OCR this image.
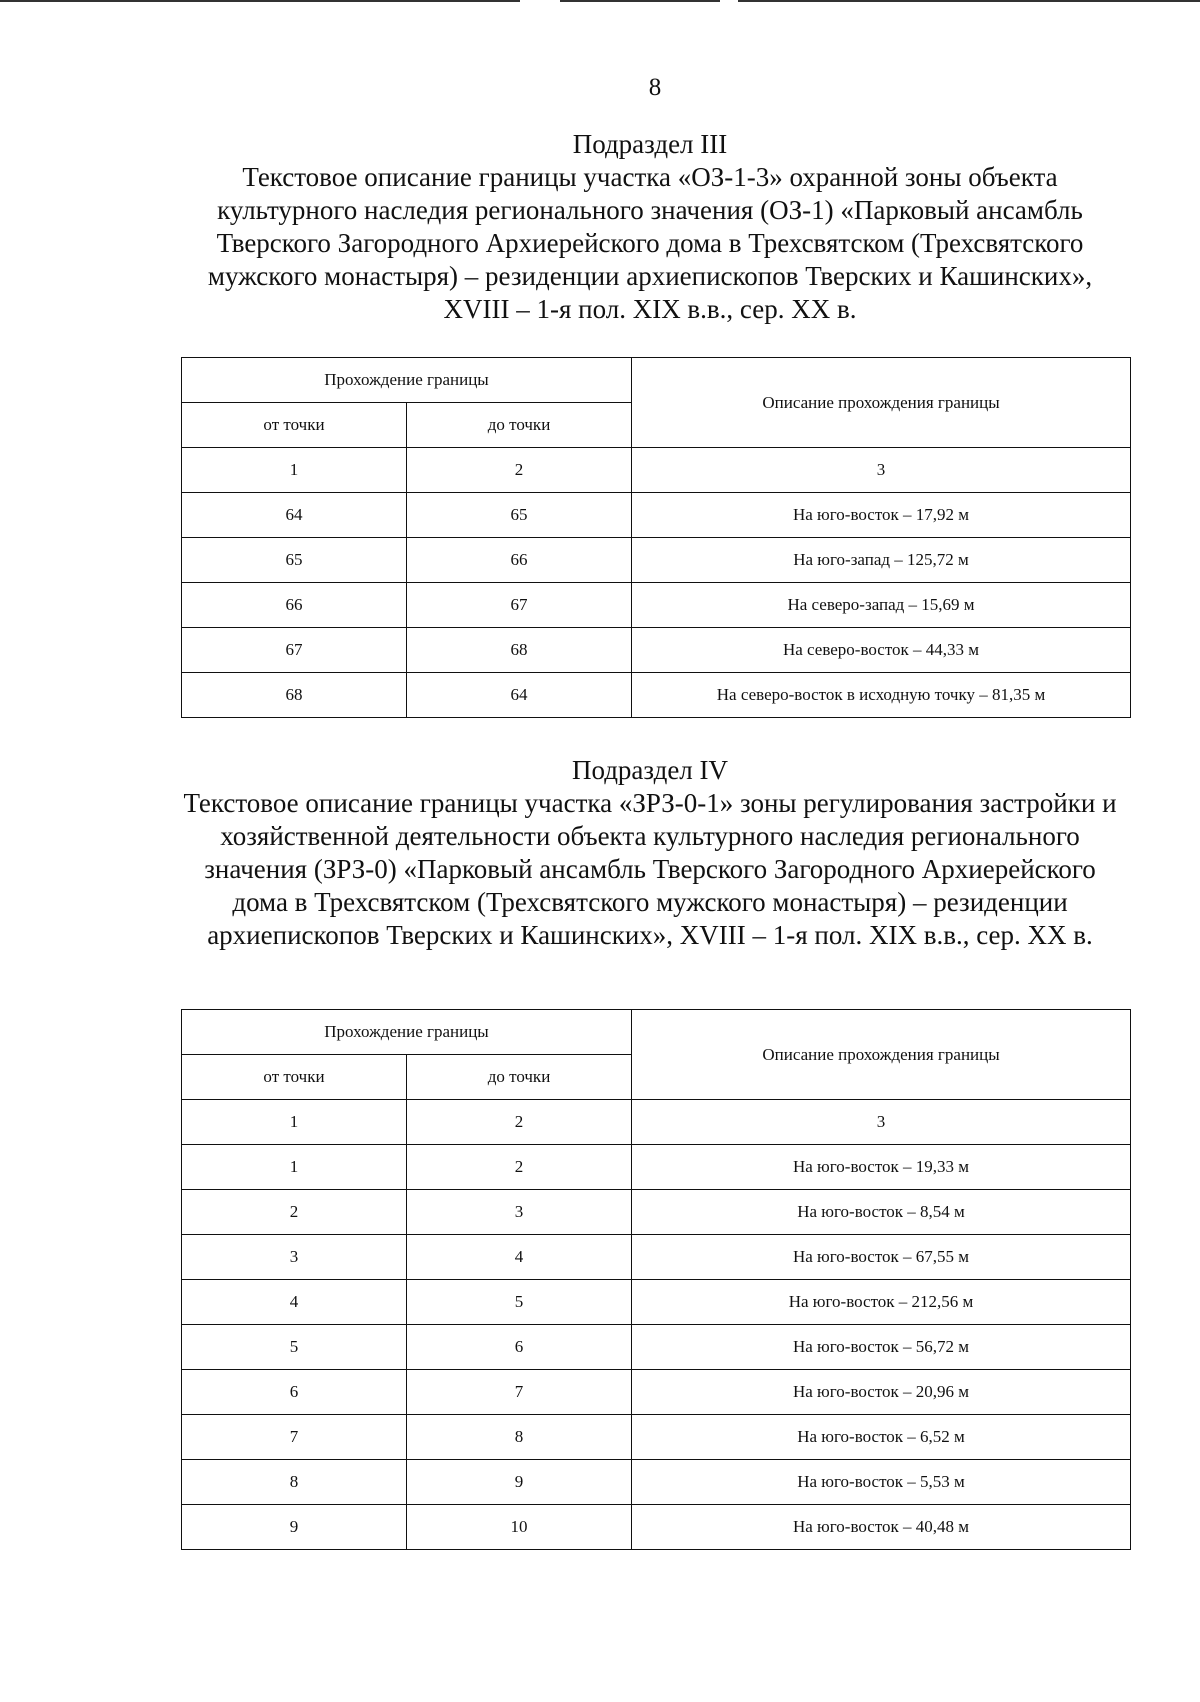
8
Подраздел III
Текстовое описание границы участка «ОЗ-1-3» охранной зоны объекта культурного наследия регионального значения (ОЗ-1) «Парковый ансамбль Тверского Загородного Архиерейского дома в Трехсвятском (Трехсвятского мужского монастыря) – резиденции архиепископов Тверских и Кашинских», XVIII – 1-я пол. XIX в.в., сер. XX в.
Прохождение границы		Описание прохождения границы
от точки	до точки	
1	2	3
64	65	На юго-восток – 17,92 м
65	66	На юго-запад – 125,72 м
66	67	На северо-запад – 15,69 м
67	68	На северо-восток – 44,33 м
68	64	На северо-восток в исходную точку – 81,35 м
Подраздел IV
Текстовое описание границы участка «ЗРЗ-0-1» зоны регулирования застройки и хозяйственной деятельности объекта культурного наследия регионального значения (ЗРЗ-0) «Парковый ансамбль Тверского Загородного Архиерейского дома в Трехсвятском (Трехсвятского мужского монастыря) – резиденции архиепископов Тверских и Кашинских», XVIII – 1-я пол. XIX в.в., сер. XX в.
Прохождение границы		Описание прохождения границы
от точки	до точки	
1	2	3
1	2	На юго-восток – 19,33 м
2	3	На юго-восток – 8,54 м
3	4	На юго-восток – 67,55 м
4	5	На юго-восток – 212,56 м
5	6	На юго-восток – 56,72 м
6	7	На юго-восток – 20,96 м
7	8	На юго-восток – 6,52 м
8	9	На юго-восток – 5,53 м
9	10	На юго-восток – 40,48 м
